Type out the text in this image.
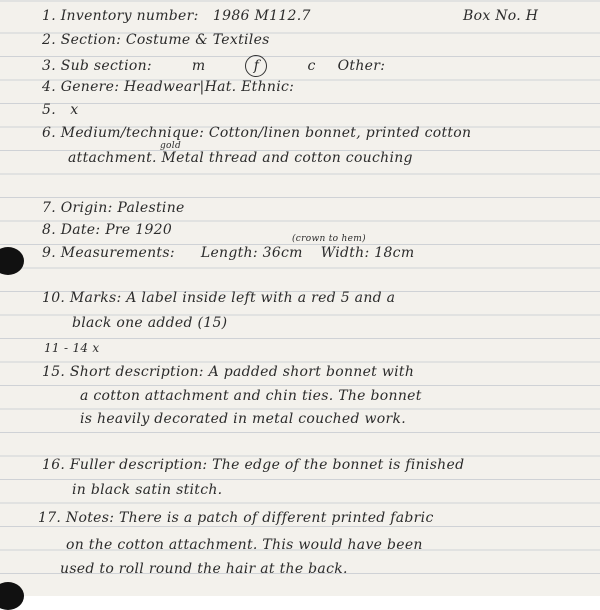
1. Inventory number: 1986 M112.7	Box No. H
2. Section: Costume & Textiles
3. Sub section:	m	f	c Other:
4. Genere: Headwear|Hat. Ethnic:
5. x
6. Medium/technique: Cotton/linen bonnet, printed cotton
gold
attachment. Metal thread and cotton couching
7. Origin: Palestine
8. Date: Pre 1920
9. Measurements: Length: 36cm Width: 18cm
(crown to hem)
10. Marks: A label inside left with a red 5 and a
black one added (15)
11 - 14 x
15. Short description: A padded short bonnet with
a cotton attachment and chin ties. The bonnet
is heavily decorated in metal couched work.
16. Fuller description: The edge of the bonnet is finished
in black satin stitch.
17. Notes: There is a patch of different printed fabric
on the cotton attachment. This would have been
used to roll round the hair at the back.
